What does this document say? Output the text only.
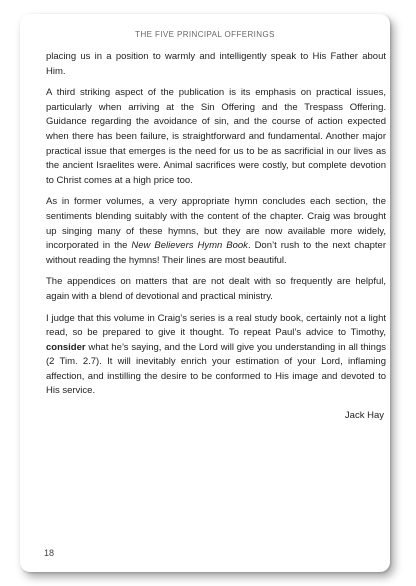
THE FIVE PRINCIPAL OFFERINGS

placing us in a position to warmly and intelligently speak to His Father about Him.

A third striking aspect of the publication is its emphasis on practical issues, particularly when arriving at the Sin Offering and the Trespass Offering. Guidance regarding the avoidance of sin, and the course of action expected when there has been failure, is straightforward and fundamental. Another major practical issue that emerges is the need for us to be as sacrificial in our lives as the ancient Israelites were. Animal sacrifices were costly, but complete devotion to Christ comes at a high price too.

As in former volumes, a very appropriate hymn concludes each section, the sentiments blending suitably with the content of the chapter. Craig was brought up singing many of these hymns, but they are now available more widely, incorporated in the New Believers Hymn Book. Don’t rush to the next chapter without reading the hymns! Their lines are most beautiful.

The appendices on matters that are not dealt with so frequently are helpful, again with a blend of devotional and practical ministry.

I judge that this volume in Craig’s series is a real study book, certainly not a light read, so be prepared to give it thought. To repeat Paul’s advice to Timothy, consider what he’s saying, and the Lord will give you understanding in all things (2 Tim. 2.7). It will inevitably enrich your estimation of your Lord, inflaming affection, and instilling the desire to be conformed to His image and devoted to His service.

Jack Hay

18
